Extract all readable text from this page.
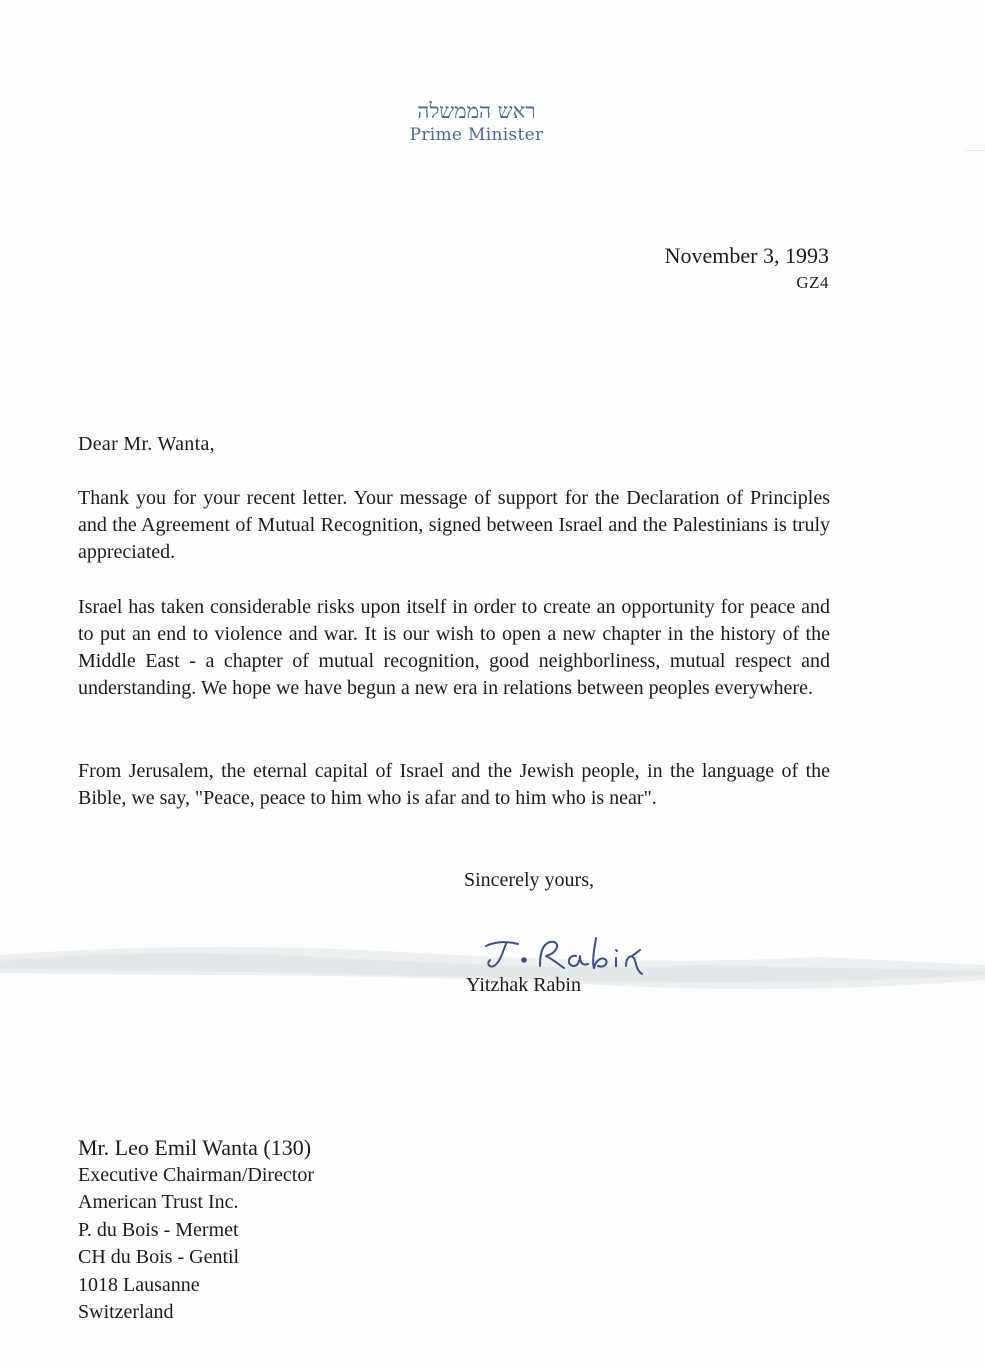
ראש הממשלה
Prime Minister
November 3, 1993
GZ4
Dear Mr. Wanta,

Thank you for your recent letter. Your message of support for the Declaration of Principles and the Agreement of Mutual Recognition, signed between Israel and the Palestinians is truly appreciated.

Israel has taken considerable risks upon itself in order to create an opportunity for peace and to put an end to violence and war. It is our wish to open a new chapter in the history of the Middle East - a chapter of mutual recognition, good neighborliness, mutual respect and understanding. We hope we have begun a new era in relations between peoples everywhere.

From Jerusalem, the eternal capital of Israel and the Jewish people, in the language of the Bible, we say, "Peace, peace to him who is afar and to him who is near".

Sincerely yours,
Yitzhak Rabin
Mr. Leo Emil Wanta (130)
Executive Chairman/Director
American Trust Inc.
P. du Bois - Mermet
CH du Bois - Gentil
1018 Lausanne
Switzerland
